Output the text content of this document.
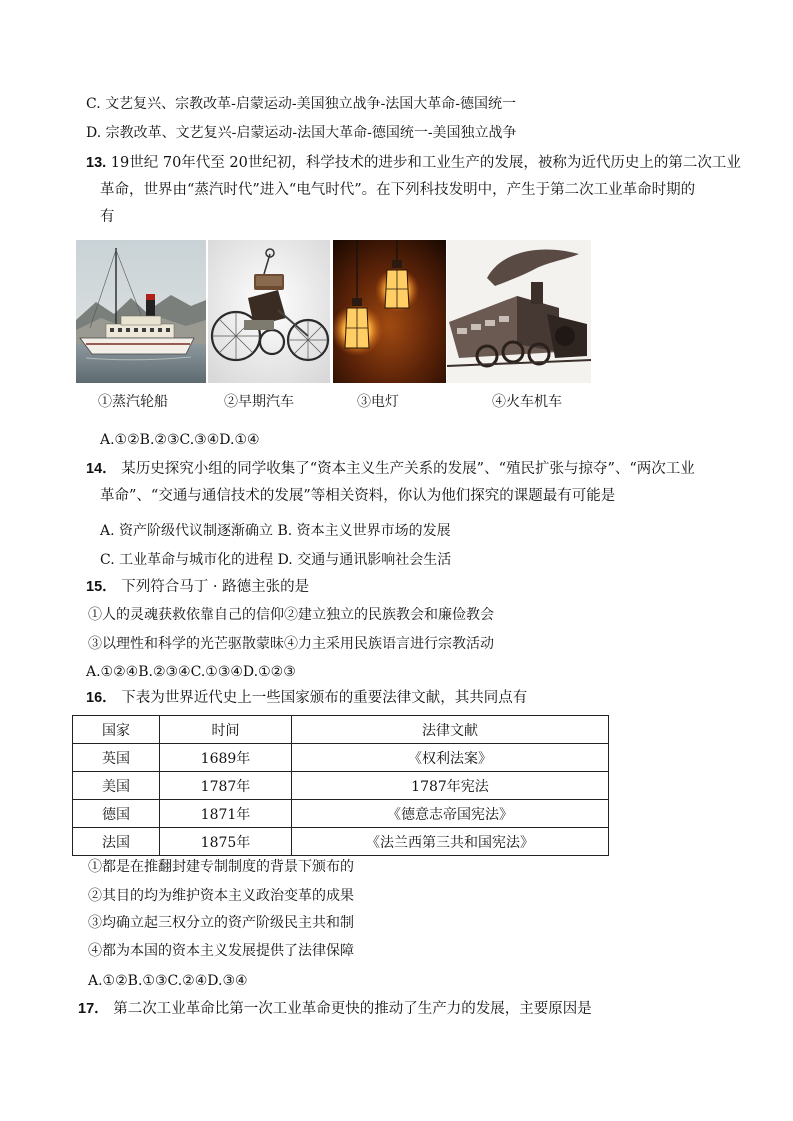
C. 文艺复兴、宗教改革-启蒙运动-美国独立战争-法国大革命-德国统一
D. 宗教改革、文艺复兴-启蒙运动-法国大革命-德国统一-美国独立战争
13. 19世纪 70年代至 20世纪初，科学技术的进步和工业生产的发展，被称为近代历史上的第二次工业
革命，世界由“蒸汽时代”进入“电气时代”。在下列科技发明中，产生于第二次工业革命时期的
有
①蒸汽轮船	②早期汽车	③电灯	④火车机车
A.①②B.②③C.③④D.①④
14． 某历史探究小组的同学收集了“资本主义生产关系的发展”、“殖民扩张与掠夺”、“两次工业
革命”、“交通与通信技术的发展”等相关资料，你认为他们探究的课题最有可能是
A. 资产阶级代议制逐渐确立 B. 资本主义世界市场的发展
C. 工业革命与城市化的进程 D. 交通与通讯影响社会生活
15． 下列符合马丁 · 路德主张的是
①人的灵魂获救依靠自己的信仰②建立独立的民族教会和廉俭教会
③以理性和科学的光芒驱散蒙昧④力主采用民族语言进行宗教活动
A.①②④B.②③④C.①③④D.①②③
16． 下表为世界近代史上一些国家颁布的重要法律文献，其共同点有
国家	时间	法律文献
英国	1689年	《权利法案》
美国	1787年	1787年宪法
德国	1871年	《德意志帝国宪法》
法国	1875年	《法兰西第三共和国宪法》
①都是在推翻封建专制制度的背景下颁布的
②其目的均为维护资本主义政治变革的成果
③均确立起三权分立的资产阶级民主共和制
④都为本国的资本主义发展提供了法律保障
A.①②B.①③C.②④D.③④
17． 第二次工业革命比第一次工业革命更快的推动了生产力的发展，主要原因是
